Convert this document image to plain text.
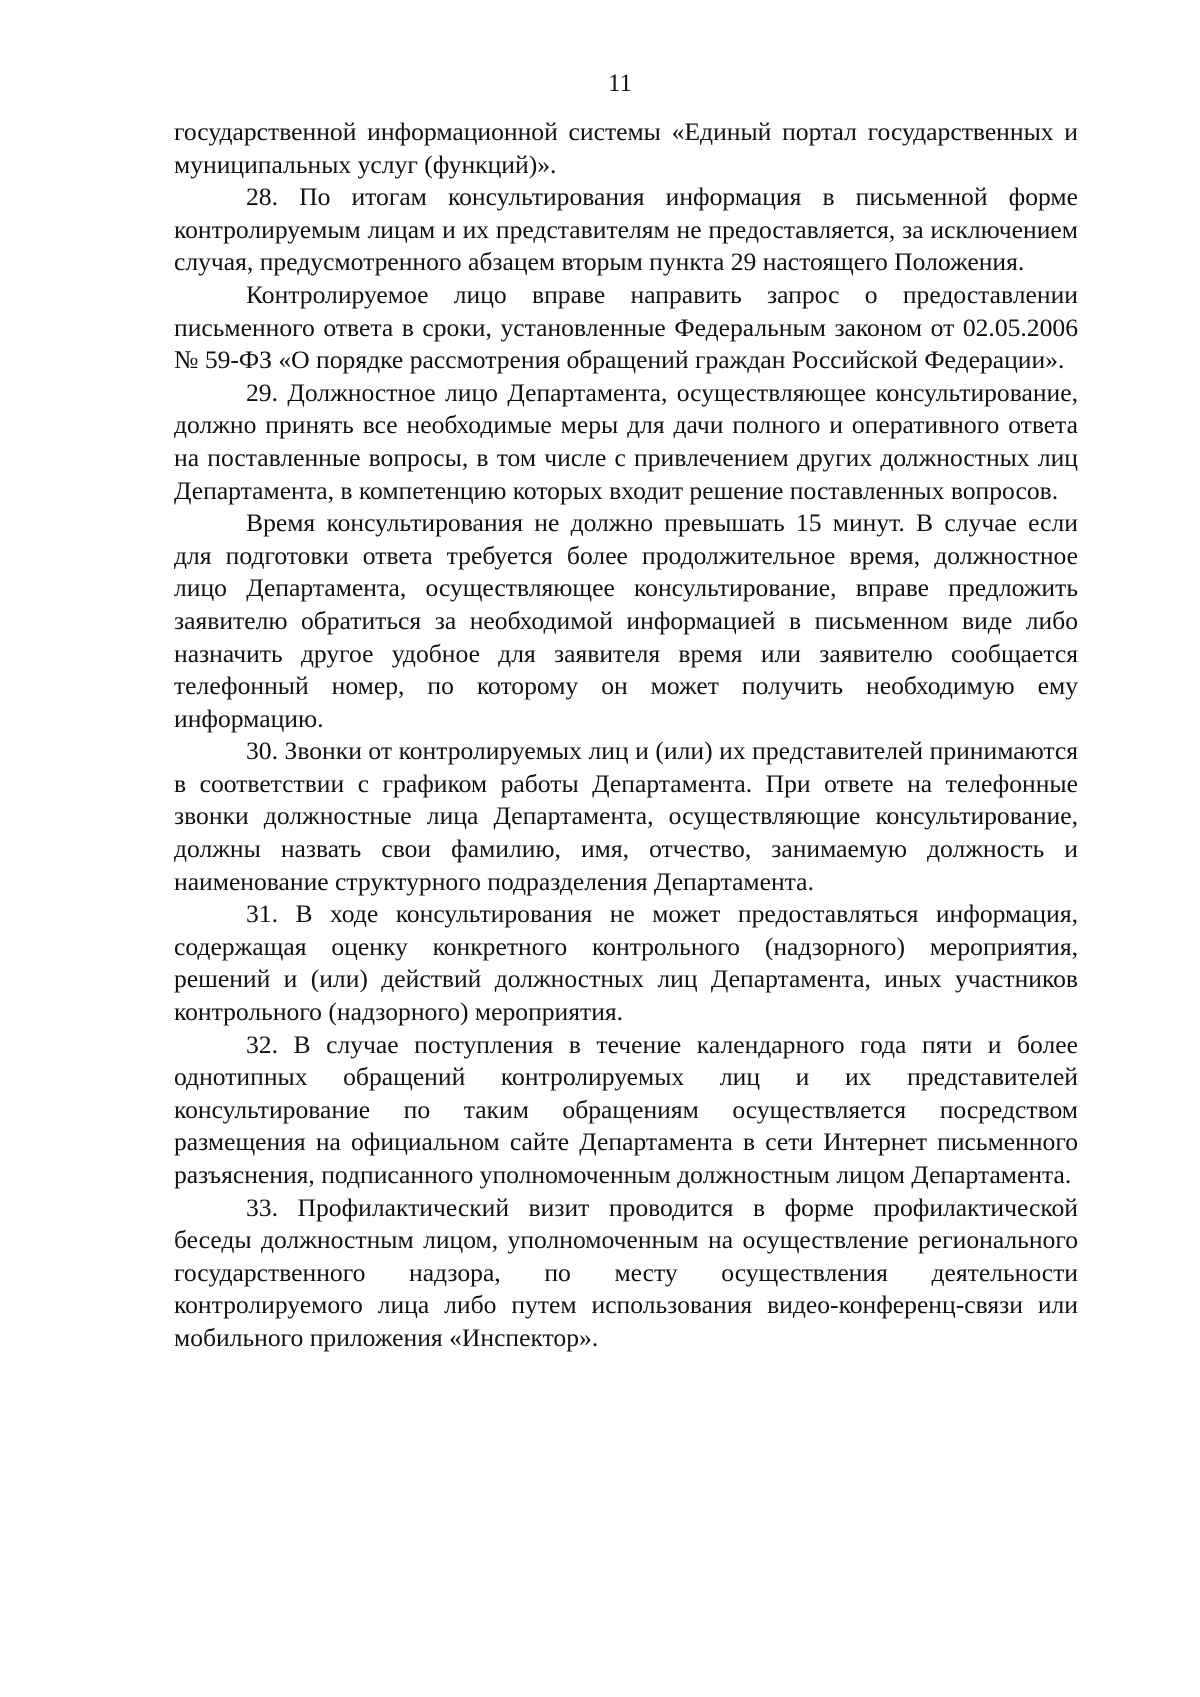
11

государственной информационной системы «Единый портал государственных и муниципальных услуг (функций)».

28. По итогам консультирования информация в письменной форме контролируемым лицам и их представителям не предоставляется, за исключением случая, предусмотренного абзацем вторым пункта 29 настоящего Положения.

Контролируемое лицо вправе направить запрос о предоставлении письменного ответа в сроки, установленные Федеральным законом от 02.05.2006 № 59-ФЗ «О порядке рассмотрения обращений граждан Российской Федерации».

29. Должностное лицо Департамента, осуществляющее консультирование, должно принять все необходимые меры для дачи полного и оперативного ответа на поставленные вопросы, в том числе с привлечением других должностных лиц Департамента, в компетенцию которых входит решение поставленных вопросов.

Время консультирования не должно превышать 15 минут. В случае если для подготовки ответа требуется более продолжительное время, должностное лицо Департамента, осуществляющее консультирование, вправе предложить заявителю обратиться за необходимой информацией в письменном виде либо назначить другое удобное для заявителя время или заявителю сообщается телефонный номер, по которому он может получить необходимую ему информацию.

30. Звонки от контролируемых лиц и (или) их представителей принимаются в соответствии с графиком работы Департамента. При ответе на телефонные звонки должностные лица Департамента, осуществляющие консультирование, должны назвать свои фамилию, имя, отчество, занимаемую должность и наименование структурного подразделения Департамента.

31. В ходе консультирования не может предоставляться информация, содержащая оценку конкретного контрольного (надзорного) мероприятия, решений и (или) действий должностных лиц Департамента, иных участников контрольного (надзорного) мероприятия.

32. В случае поступления в течение календарного года пяти и более однотипных обращений контролируемых лиц и их представителей консультирование по таким обращениям осуществляется посредством размещения на официальном сайте Департамента в сети Интернет письменного разъяснения, подписанного уполномоченным должностным лицом Департамента.

33. Профилактический визит проводится в форме профилактической беседы должностным лицом, уполномоченным на осуществление регионального государственного надзора, по месту осуществления деятельности контролируемого лица либо путем использования видео-конференц-связи или мобильного приложения «Инспектор».
